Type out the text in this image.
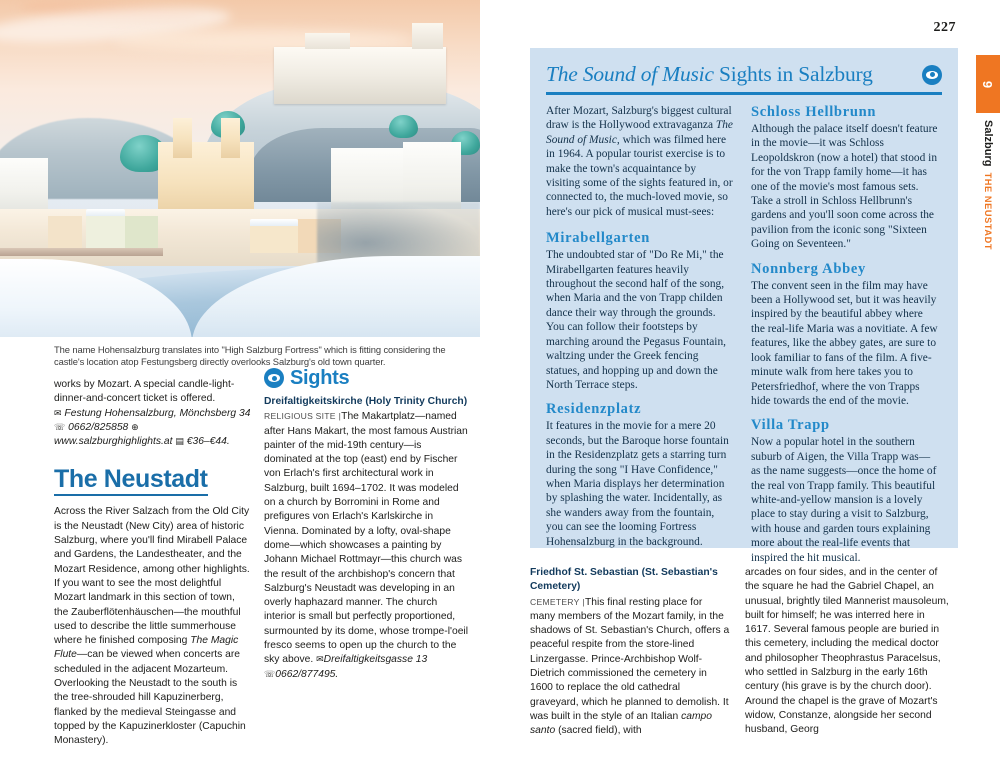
The name Hohensalzburg translates into "High Salzburg Fortress" which is fitting considering the castle's location atop Festungsberg directly overlooks Salzburg's old town quarter.

works by Mozart. A special candle-light-dinner-and-concert ticket is offered.

✉ Festung Hohensalzburg, Mönchsberg 34 ☏ 0662/825858 ⊕ www.salzburghighlights.at ▤ €36–€44.

The Neustadt

Across the River Salzach from the Old City is the Neustadt (New City) area of historic Salzburg, where you'll find Mirabell Palace and Gardens, the Landestheater, and the Mozart Residence, among other highlights. If you want to see the most delightful Mozart landmark in this section of town, the Zauberflötenhäuschen—the mouthful used to describe the little summerhouse where he finished composing The Magic Flute—can be viewed when concerts are scheduled in the adjacent Mozarteum. Overlooking the Neustadt to the south is the tree-shrouded hill Kapuzinerberg, flanked by the medieval Steingasse and topped by the Kapuzinerkloster (Capuchin Monastery).

Sights

Dreifaltigkeitskirche (Holy Trinity Church)
RELIGIOUS SITE |The Makartplatz—named after Hans Makart, the most famous Austrian painter of the mid-19th century—is dominated at the top (east) end by Fischer von Erlach's first architectural work in Salzburg, built 1694–1702. It was modeled on a church by Borromini in Rome and prefigures von Erlach's Karlskirche in Vienna. Dominated by a lofty, oval-shape dome—which showcases a painting by Johann Michael Rottmayr—this church was the result of the archbishop's concern that Salzburg's Neustadt was developing in an overly haphazard manner. The church interior is small but perfectly proportioned, surmounted by its dome, whose trompe-l'oeil fresco seems to open up the church to the sky above. ✉Dreifaltigkeitsgasse 13 ☏0662/877495.

The Sound of Music Sights in Salzburg

After Mozart, Salzburg's biggest cultural draw is the Hollywood extravaganza The Sound of Music, which was filmed here in 1964. A popular tourist exercise is to make the town's acquaintance by visiting some of the sights featured in, or connected to, the much-loved movie, so here's our pick of musical must-sees:

Mirabellgarten

The undoubted star of "Do Re Mi," the Mirabellgarten features heavily throughout the second half of the song, when Maria and the von Trapp childen dance their way through the grounds. You can follow their footsteps by marching around the Pegasus Fountain, waltzing under the Greek fencing statues, and hopping up and down the North Terrace steps.

Residenzplatz

It features in the movie for a mere 20 seconds, but the Baroque horse fountain in the Residenzplatz gets a starring turn during the song "I Have Confidence," when Maria displays her determination by splashing the water. Incidentally, as she wanders away from the fountain, you can see the looming Fortress Hohensalzburg in the background.

Schloss Hellbrunn

Although the palace itself doesn't feature in the movie—it was Schloss Leopoldskron (now a hotel) that stood in for the von Trapp family home—it has one of the movie's most famous sets. Take a stroll in Schloss Hellbrunn's gardens and you'll soon come across the pavilion from the iconic song "Sixteen Going on Seventeen."

Nonnberg Abbey

The convent seen in the film may have been a Hollywood set, but it was heavily inspired by the beautiful abbey where the real-life Maria was a novitiate. A few features, like the abbey gates, are sure to look familiar to fans of the film. A five-minute walk from here takes you to Petersfriedhof, where the von Trapps hide towards the end of the movie.

Villa Trapp

Now a popular hotel in the southern suburb of Aigen, the Villa Trapp was—as the name suggests—once the home of the real von Trapp family. This beautiful white-and-yellow mansion is a lovely place to stay during a visit to Salzburg, with house and garden tours explaining more about the real-life events that inspired the hit musical.

Friedhof St. Sebastian (St. Sebastian's Cemetery)
CEMETERY |This final resting place for many members of the Mozart family, in the shadows of St. Sebastian's Church, offers a peaceful respite from the store-lined Linzergasse. Prince-Archbishop Wolf-Dietrich commissioned the cemetery in 1600 to replace the old cathedral graveyard, which he planned to demolish. It was built in the style of an Italian campo santo (sacred field), with

arcades on four sides, and in the center of the square he had the Gabriel Chapel, an unusual, brightly tiled Mannerist mausoleum, built for himself; he was interred here in 1617. Several famous people are buried in this cemetery, including the medical doctor and philosopher Theophrastus Paracelsus, who settled in Salzburg in the early 16th century (his grave is by the church door). Around the chapel is the grave of Mozart's widow, Constanze, alongside her second husband, Georg

227
9
Salzburg  THE NEUSTADT
